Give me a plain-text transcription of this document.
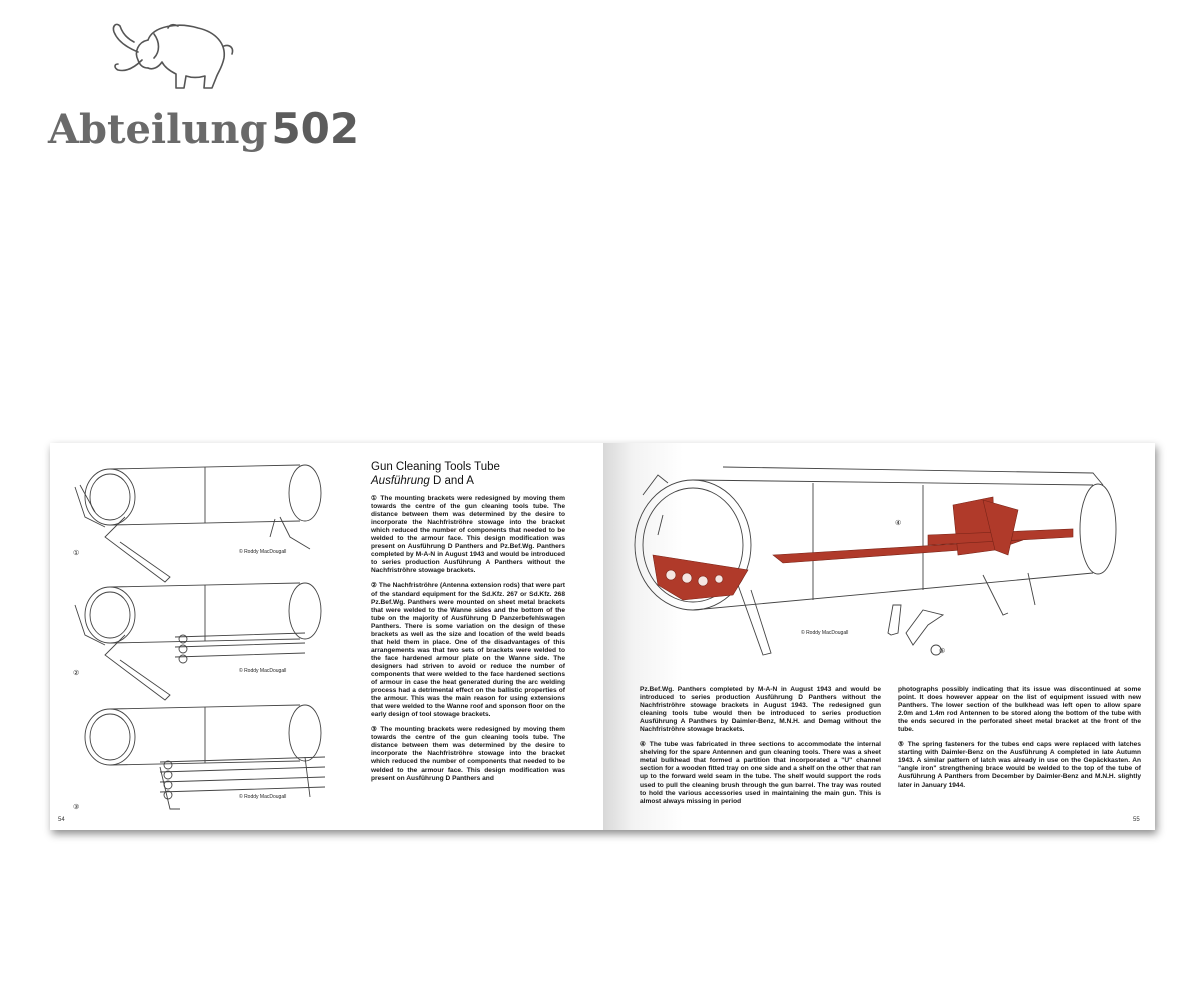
Abteilung502
①
②
③
© Roddy MacDougall
© Roddy MacDougall
© Roddy MacDougall
Gun Cleaning Tools Tube
Ausführung D and A

① The mounting brackets were redesigned by moving them towards the centre of the gun cleaning tools tube. The distance between them was determined by the desire to incorporate the Nachfriströhre stowage into the bracket which reduced the number of components that needed to be welded to the armour face. This design modification was present on Ausführung D Panthers and Pz.Bef.Wg. Panthers completed by M-A-N in August 1943 and would be introduced to series production Ausführung A Panthers without the Nachfriströhre stowage brackets.

② The Nachfriströhre (Antenna extension rods) that were part of the standard equipment for the Sd.Kfz. 267 or Sd.Kfz. 268 Pz.Bef.Wg. Panthers were mounted on sheet metal brackets that were welded to the Wanne sides and the bottom of the tube on the majority of Ausführung D Panzerbefehlswagen Panthers. There is some variation on the design of these brackets as well as the size and location of the weld beads that held them in place. One of the disadvantages of this arrangements was that two sets of brackets were welded to the face hardened armour plate on the Wanne side. The designers had striven to avoid or reduce the number of components that were welded to the face hardened sections of armour in case the heat generated during the arc welding process had a detrimental effect on the ballistic properties of the armour. This was the main reason for using extensions that were welded to the Wanne roof and sponson floor on the early design of tool stowage brackets.

③ The mounting brackets were redesigned by moving them towards the centre of the gun cleaning tools tube. The distance between them was determined by the desire to incorporate the Nachfriströhre stowage into the bracket which reduced the number of components that needed to be welded to the armour face. This design modification was present on Ausführung D Panthers and

54
④
⑤
© Roddy MacDougall

Pz.Bef.Wg. Panthers completed by M-A-N in August 1943 and would be introduced to series production Ausführung D Panthers without the Nachfriströhre stowage brackets in August 1943. The redesigned gun cleaning tools tube would then be introduced to series production Ausführung A Panthers by Daimler-Benz, M.N.H. and Demag without the Nachfriströhre stowage brackets.

④ The tube was fabricated in three sections to accommodate the internal shelving for the spare Antennen and gun cleaning tools. There was a sheet metal bulkhead that formed a partition that incorporated a "U" channel section for a wooden fitted tray on one side and a shelf on the other that ran up to the forward weld seam in the tube. The shelf would support the rods used to pull the cleaning brush through the gun barrel. The tray was routed to hold the various accessories used in maintaining the main gun. This is almost always missing in period

photographs possibly indicating that its issue was discontinued at some point. It does however appear on the list of equipment issued with new Panthers. The lower section of the bulkhead was left open to allow spare 2.0m and 1.4m rod Antennen to be stored along the bottom of the tube with the ends secured in the perforated sheet metal bracket at the front of the tube.

⑤ The spring fasteners for the tubes end caps were replaced with latches starting with Daimler-Benz on the Ausführung A completed in late Autumn 1943. A similar pattern of latch was already in use on the Gepäckkasten. An "angle iron" strengthening brace would be welded to the top of the tube of Ausführung A Panthers from December by Daimler-Benz and M.N.H. slightly later in January 1944.

55
